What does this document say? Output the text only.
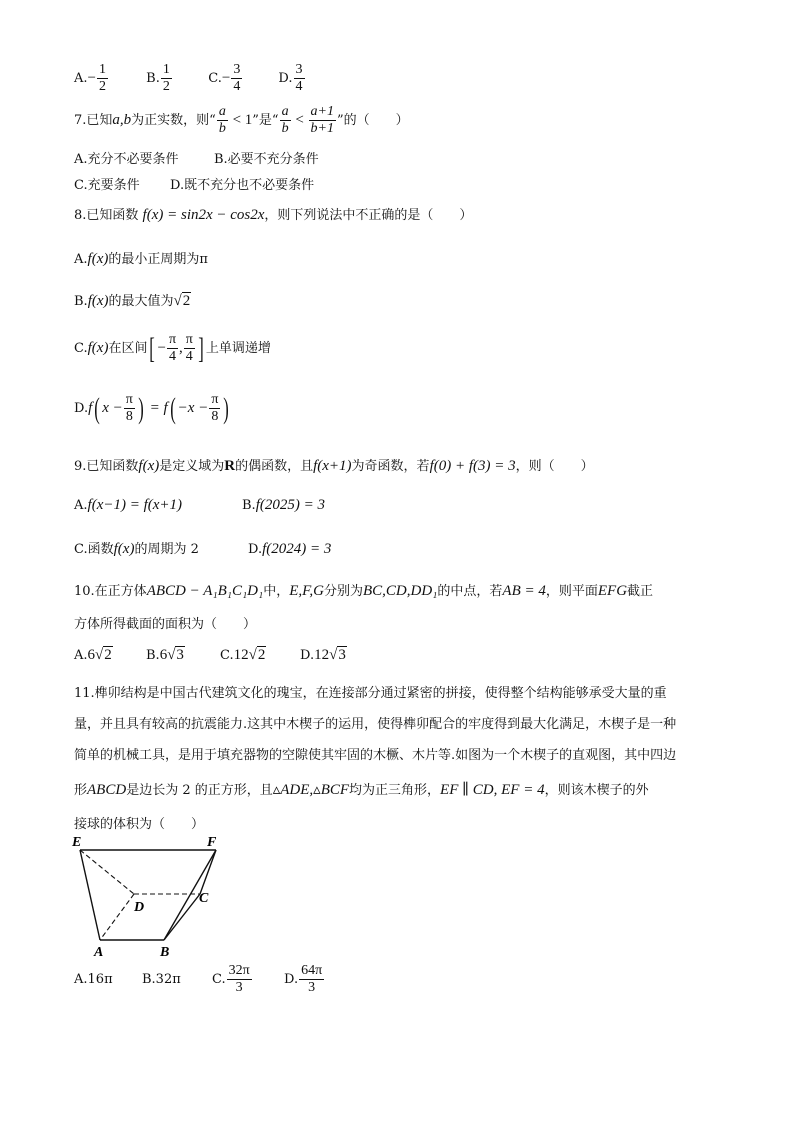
$A.- \frac{1}{2}$	B. $\frac{1}{2}$	$C.- \frac{3}{4}$	D. $\frac{3}{4}$
7.已知a,b为正实数，则“ $\frac{a}{b} < 1$”是“ $\frac{a}{b} < \frac{a+1}{b+1}$ ”的（　　）
A.充分不必要条件	B.必要不充分条件
C.充要条件 D.既不充分也不必要条件
8.已知函数 f(x) = sin2x − cos2x，则下列说法中不正确的是（　　）
A.f(x)的最小正周期为π
B.f(x)的最大值为√2
C.f(x)在区间[ − $\frac{\pi}{4}$ , $\frac{\pi}{4}$ ] 上单调递增
D.f( $x - \frac{\pi}{8}$ ) = $f( -x - \frac{\pi}{8}$ )
9.已知函数f(x)是定义域为R的偶函数，且f(x+1)为奇函数，若f(0) + f(3) = 3，则（　　）
A.f(x−1) = f(x+1)	B.f(2025) = 3
C.函数f(x)的周期为 2	D.f(2024) = 3
10.在正方体ABCD − A₁B₁C₁D₁中，E,F,G分别为BC,CD,DD₁的中点，若AB = 4，则平面EFG截正
方体所得截面的面积为（　　）
A.6√2	B.6√3	C.12√2	D.12√3
11.榫卯结构是中国古代建筑文化的瑰宝，在连接部分通过紧密的拼接，使得整个结构能够承受大量的重
量，并且具有较高的抗震能力.这其中木楔子的运用，使得榫卯配合的牢度得到最大化满足，木楔子是一种
简单的机械工具，是用于填充器物的空隙使其牢固的木橛、木片等.如图为一个木楔子的直观图，其中四边
形ABCD是边长为 2 的正方形，且▵ADE,▵BCF均为正三角形，EF ∥ CD, EF = 4，则该木楔子的外
接球的体积为（　　）
E	F
D
C
A	B
A.16π B.32π C. $\frac{32\pi}{3} D$. $\frac{64\pi}{3}$
